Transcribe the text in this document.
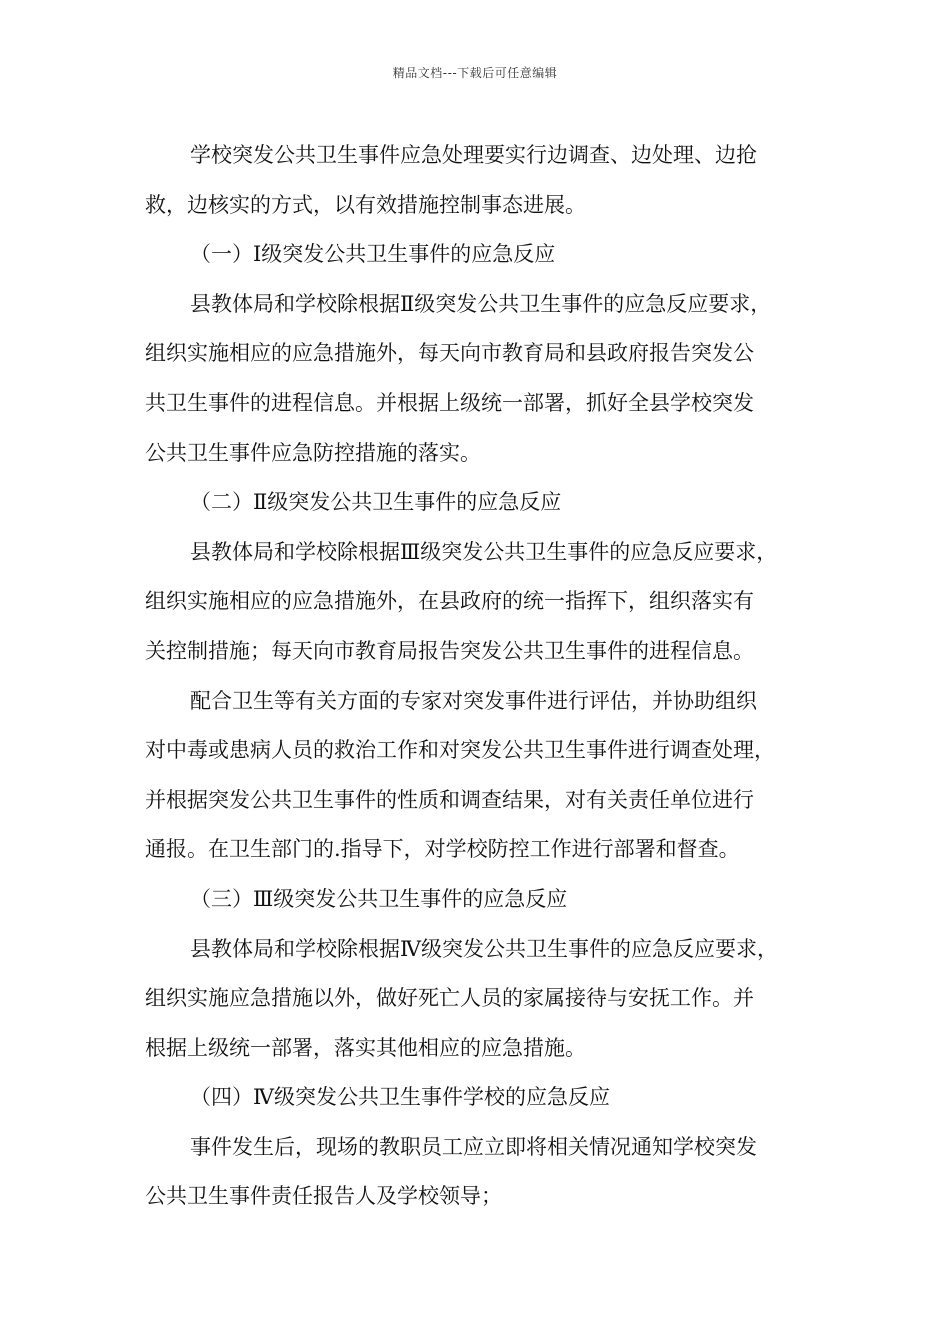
精品文档---下载后可任意编辑
学校突发公共卫生事件应急处理要实行边调查、边处理、边抢
救，边核实的方式，以有效措施控制事态进展。
（一）Ⅰ级突发公共卫生事件的应急反应
县教体局和学校除根据Ⅱ级突发公共卫生事件的应急反应要求，
组织实施相应的应急措施外，每天向市教育局和县政府报告突发公
共卫生事件的进程信息。并根据上级统一部署，抓好全县学校突发
公共卫生事件应急防控措施的落实。
（二）Ⅱ级突发公共卫生事件的应急反应
县教体局和学校除根据Ⅲ级突发公共卫生事件的应急反应要求，
组织实施相应的应急措施外，在县政府的统一指挥下，组织落实有
关控制措施；每天向市教育局报告突发公共卫生事件的进程信息。
配合卫生等有关方面的专家对突发事件进行评估，并协助组织
对中毒或患病人员的救治工作和对突发公共卫生事件进行调查处理，
并根据突发公共卫生事件的性质和调查结果，对有关责任单位进行
通报。在卫生部门的.指导下，对学校防控工作进行部署和督查。
（三）Ⅲ级突发公共卫生事件的应急反应
县教体局和学校除根据Ⅳ级突发公共卫生事件的应急反应要求，
组织实施应急措施以外，做好死亡人员的家属接待与安抚工作。并
根据上级统一部署，落实其他相应的应急措施。
（四）Ⅳ级突发公共卫生事件学校的应急反应
事件发生后，现场的教职员工应立即将相关情况通知学校突发
公共卫生事件责任报告人及学校领导；
